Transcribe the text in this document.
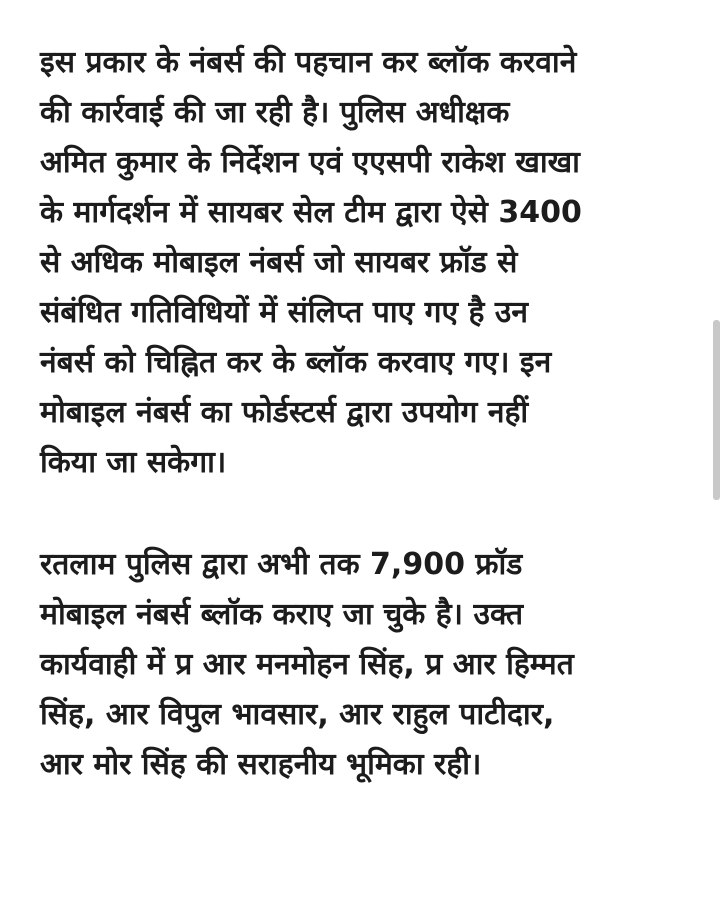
इस प्रकार के नंबर्स की पहचान कर ब्लॉक करवाने
की कार्रवाई की जा रही है। पुलिस अधीक्षक
अमित कुमार के निर्देशन एवं एएसपी राकेश खाखा
के मार्गदर्शन में सायबर सेल टीम द्वारा ऐसे 3400
से अधिक मोबाइल नंबर्स जो सायबर फ्रॉड से
संबंधित गतिविधियों में संलिप्त पाए गए है उन
नंबर्स को चिह्नित कर के ब्लॉक करवाए गए। इन
मोबाइल नंबर्स का फोर्डस्टर्स द्वारा उपयोग नहीं
किया जा सकेगा।
रतलाम पुलिस द्वारा अभी तक 7,900 फ्रॉड
मोबाइल नंबर्स ब्लॉक कराए जा चुके है। उक्त
कार्यवाही में प्र आर मनमोहन सिंह, प्र आर हिम्मत
सिंह, आर विपुल भावसार, आर राहुल पाटीदार,
आर मोर सिंह की सराहनीय भूमिका रही।
